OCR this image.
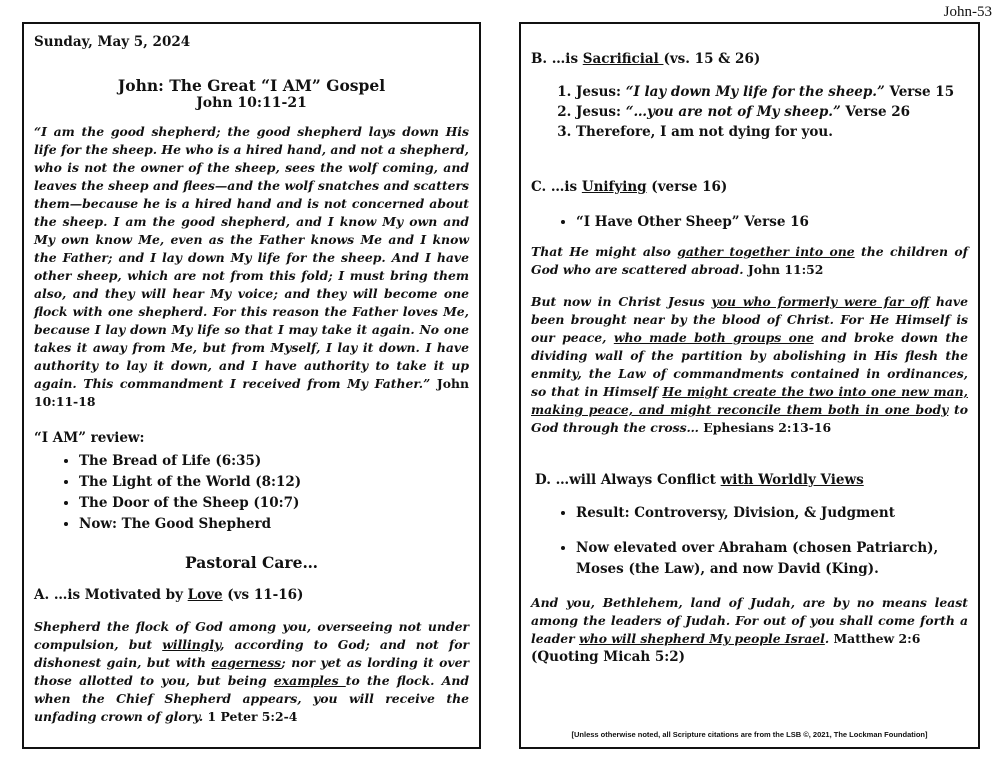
John-53
Sunday, May 5, 2024
John: The Great “I AM” Gospel
John 10:11-21
“I am the good shepherd; the good shepherd lays down His life for the sheep. He who is a hired hand, and not a shepherd, who is not the owner of the sheep, sees the wolf coming, and leaves the sheep and flees—and the wolf snatches and scatters them—because he is a hired hand and is not concerned about the sheep. I am the good shepherd, and I know My own and My own know Me, even as the Father knows Me and I know the Father; and I lay down My life for the sheep. And I have other sheep, which are not from this fold; I must bring them also, and they will hear My voice; and they will become one flock with one shepherd. For this reason the Father loves Me, because I lay down My life so that I may take it again. No one takes it away from Me, but from Myself, I lay it down. I have authority to lay it down, and I have authority to take it up again. This commandment I received from My Father.” John 10:11-18
“I AM” review:
• The Bread of Life (6:35)
• The Light of the World (8:12)
• The Door of the Sheep (10:7)
• Now: The Good Shepherd
Pastoral Care…
A. …is Motivated by Love (vs 11-16)
Shepherd the flock of God among you, overseeing not under compulsion, but willingly, according to God; and not for dishonest gain, but with eagerness; nor yet as lording it over those allotted to you, but being examples to the flock. And when the Chief Shepherd appears, you will receive the unfading crown of glory. 1 Peter 5:2-4
B. …is Sacrificial (vs. 15 & 26)
1. Jesus: “I lay down My life for the sheep.” Verse 15
2. Jesus: “…you are not of My sheep.” Verse 26
3. Therefore, I am not dying for you.
C. …is Unifying (verse 16)
• “I Have Other Sheep” Verse 16
That He might also gather together into one the children of God who are scattered abroad. John 11:52
But now in Christ Jesus you who formerly were far off have been brought near by the blood of Christ. For He Himself is our peace, who made both groups one and broke down the dividing wall of the partition by abolishing in His flesh the enmity, the Law of commandments contained in ordinances, so that in Himself He might create the two into one new man, making peace, and might reconcile them both in one body to God through the cross… Ephesians 2:13-16
D. …will Always Conflict with Worldly Views
• Result: Controversy, Division, & Judgment
• Now elevated over Abraham (chosen Patriarch), Moses (the Law), and now David (King).
And you, Bethlehem, land of Judah, are by no means least among the leaders of Judah. For out of you shall come forth a leader who will shepherd My people Israel. Matthew 2:6
(Quoting Micah 5:2)
[Unless otherwise noted, all Scripture citations are from the LSB ©, 2021, The Lockman Foundation]
